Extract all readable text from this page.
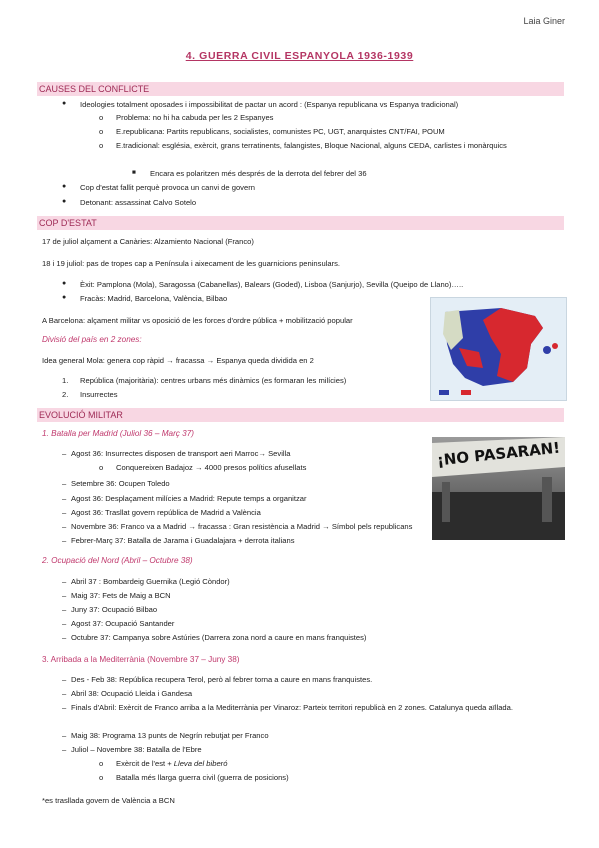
Laia Giner
4. GUERRA CIVIL ESPANYOLA 1936-1939
CAUSES DEL CONFLICTE
● Ideologies totalment oposades i impossibilitat de pactar un acord : (Espanya republicana vs Espanya tradicional)
o Problema: no hi ha cabuda per les 2 Espanyes
o E.republicana: Partits republicans, socialistes, comunistes PC, UGT, anarquistes CNT/FAI, POUM
o E.tradicional: església, exèrcit, grans terratinents, falangistes, Bloque Nacional, alguns CEDA, carlistes i monàrquics
■ Encara es polaritzen més després de la derrota del febrer del 36
● Cop d'estat fallit perquè provoca un canvi de govern
● Detonant: assassinat Calvo Sotelo
COP D'ESTAT
17 de juliol alçament a Canàries: Alzamiento Nacional (Franco)
18 i 19 juliol: pas de tropes cap a Península i aixecament de les guarnicions peninsulars.
● Èxit: Pamplona (Mola), Saragossa (Cabanellas), Balears (Goded), Lisboa (Sanjurjo), Sevilla (Queipo de Llano)…..
● Fracàs: Madrid, Barcelona, València, Bilbao
A Barcelona: alçament militar vs oposició de les forces d'ordre pública + mobilització popular
Divisió del país en 2 zones:
Idea general Mola: genera cop ràpid → fracassa → Espanya queda dividida en 2
1. República (majoritària): centres urbans més dinàmics (es formaran les milícies)
2. Insurrectes
EVOLUCIÓ MILITAR
1. Batalla per Madrid (Juliol 36 – Març 37)
– Agost 36: Insurrectes disposen de transport aeri Marroc→ Sevilla
o Conquereixen Badajoz → 4000 presos polítics afusellats
– Setembre 36: Ocupen Toledo
– Agost 36: Desplaçament milícies a Madrid: Repute temps a organitzar
– Agost 36: Trasllat govern república de Madrid a València
– Novembre 36: Franco va a Madrid → fracassa : Gran resistència a Madrid → Símbol pels republicans
– Febrer-Març 37: Batalla de Jarama i Guadalajara + derrota italians
¡NO PASARAN!
2. Ocupació del Nord (Abril – Octubre 38)
– Abril 37 : Bombardeig Guernika (Legió Còndor)
– Maig 37: Fets de Maig a BCN
– Juny 37: Ocupació Bilbao
– Agost 37: Ocupació Santander
– Octubre 37: Campanya sobre Astúries (Darrera zona nord a caure en mans franquistes)
3. Arribada a la Mediterrània (Novembre 37 – Juny 38)
– Des - Feb 38: República recupera Terol, però al febrer torna a caure en mans franquistes.
– Abril 38: Ocupació Lleida i Gandesa
– Finals d'Abril: Exèrcit de Franco arriba a la Mediterrània per Vinaroz: Parteix territori republicà en 2 zones. Catalunya queda aïllada.
– Maig 38: Programa 13 punts de Negrín rebutjat per Franco
– Juliol – Novembre 38: Batalla de l'Ebre
o Exèrcit de l'est + Lleva del biberó
o Batalla més llarga guerra civil (guerra de posicions)
*es trasllada govern de València a BCN
